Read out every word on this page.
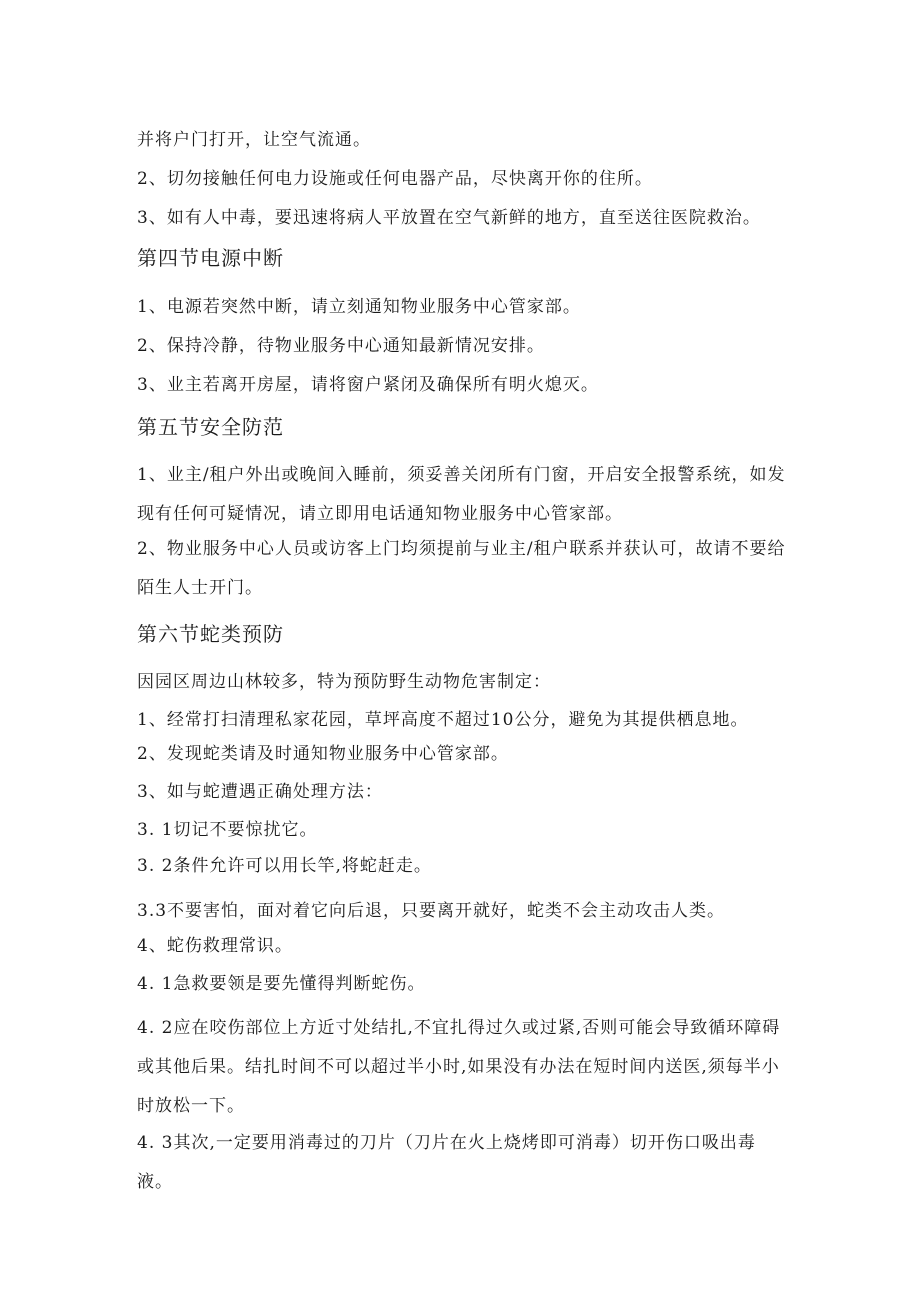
并将户门打开，让空气流通。
2、切勿接触任何电力设施或任何电器产品，尽快离开你的住所。
3、如有人中毒，要迅速将病人平放置在空气新鲜的地方，直至送往医院救治。
第四节电源中断
1、电源若突然中断，请立刻通知物业服务中心管家部。
2、保持冷静，待物业服务中心通知最新情况安排。
3、业主若离开房屋，请将窗户紧闭及确保所有明火熄灭。
第五节安全防范
1、业主/租户外出或晚间入睡前，须妥善关闭所有门窗，开启安全报警系统，如发现有任何可疑情况，请立即用电话通知物业服务中心管家部。
2、物业服务中心人员或访客上门均须提前与业主/租户联系并获认可，故请不要给陌生人士开门。
第六节蛇类预防
因园区周边山林较多，特为预防野生动物危害制定：
1、经常打扫清理私家花园，草坪高度不超过10公分，避免为其提供栖息地。
2、发现蛇类请及时通知物业服务中心管家部。
3、如与蛇遭遇正确处理方法：
3. 1切记不要惊扰它。
3. 2条件允许可以用长竿,将蛇赶走。
3.3不要害怕，面对着它向后退，只要离开就好，蛇类不会主动攻击人类。
4、蛇伤救理常识。
4. 1急救要领是要先懂得判断蛇伤。
4. 2应在咬伤部位上方近寸处结扎,不宜扎得过久或过紧,否则可能会导致循环障碍或其他后果。结扎时间不可以超过半小时,如果没有办法在短时间内送医,须每半小时放松一下。
4. 3其次,一定要用消毒过的刀片（刀片在火上烧烤即可消毒）切开伤口吸出毒液。
